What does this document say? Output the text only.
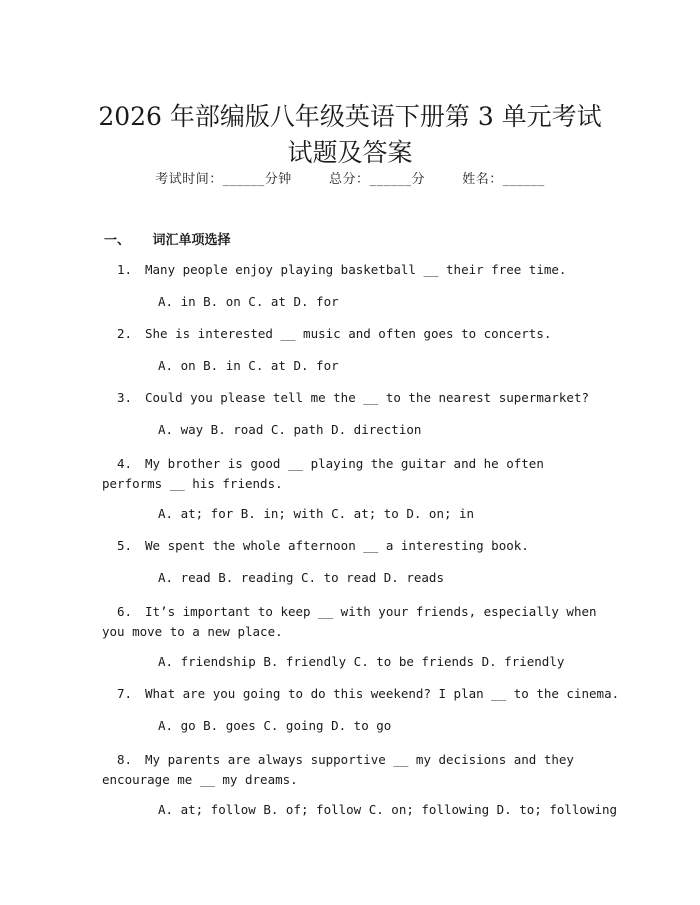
2026 年部编版八年级英语下册第 3 单元考试
试题及答案
考试时间：______分钟	总分：______分	姓名：______
一、 词汇单项选择
1. Many people enjoy playing basketball __ their free time.
A. in B. on C. at D. for
2. She is interested __ music and often goes to concerts.
A. on B. in C. at D. for
3. Could you please tell me the __ to the nearest supermarket?
A. way B. road C. path D. direction
4. My brother is good __ playing the guitar and he often performs __ his friends.
A. at; for B. in; with C. at; to D. on; in
5. We spent the whole afternoon __ a interesting book.
A. read B. reading C. to read D. reads
6. It’s important to keep __ with your friends, especially when you move to a new place.
A. friendship B. friendly C. to be friends D. friendly
7. What are you going to do this weekend? I plan __ to the cinema.
A. go B. goes C. going D. to go
8. My parents are always supportive __ my decisions and they encourage me __ my dreams.
A. at; follow B. of; follow C. on; following D. to; following
